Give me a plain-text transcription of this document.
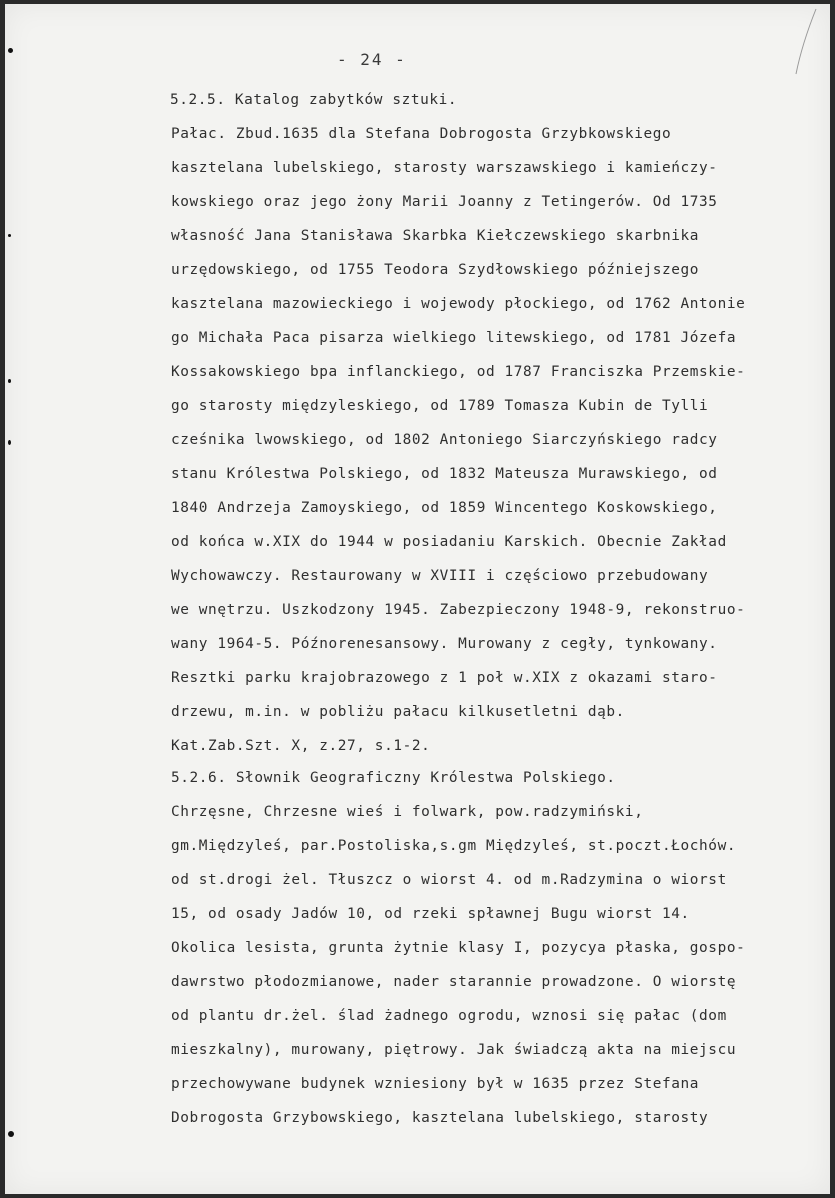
- 24 -
5.2.5. Katalog zabytków sztuki.
Pałac. Zbud.1635 dla Stefana Dobrogosta Grzybkowskiego
kasztelana lubelskiego, starosty warszawskiego i kamieńczy-
kowskiego oraz jego żony Marii Joanny z Tetingerów. Od 1735
własność Jana Stanisława Skarbka Kiełczewskiego skarbnika
urzędowskiego, od 1755 Teodora Szydłowskiego późniejszego
kasztelana mazowieckiego i wojewody płockiego, od 1762 Antonie
go Michała Paca pisarza wielkiego litewskiego, od 1781 Józefa
Kossakowskiego bpa inflanckiego, od 1787 Franciszka Przemskie-
go starosty międzyleskiego, od 1789 Tomasza Kubin de Tylli
cześnika lwowskiego, od 1802 Antoniego Siarczyńskiego radcy
stanu Królestwa Polskiego, od 1832 Mateusza Murawskiego, od
1840 Andrzeja Zamoyskiego, od 1859 Wincentego Koskowskiego,
od końca w.XIX do 1944 w posiadaniu Karskich. Obecnie Zakład
Wychowawczy. Restaurowany w XVIII i częściowo przebudowany
we wnętrzu. Uszkodzony 1945. Zabezpieczony 1948-9, rekonstruo-
wany 1964-5. Późnorenesansowy. Murowany z cegły, tynkowany.
Resztki parku krajobrazowego z 1 poł w.XIX z okazami staro-
drzewu, m.in. w pobliżu pałacu kilkusetletni dąb.
Kat.Zab.Szt. X, z.27, s.1-2.
5.2.6. Słownik Geograficzny Królestwa Polskiego.
Chrzęsne, Chrzesne wieś i folwark, pow.radzymiński,
gm.Międzyleś, par.Postoliska,s.gm Międzyleś, st.poczt.Łochów.
od st.drogi żel. Tłuszcz o wiorst 4. od m.Radzymina o wiorst
15, od osady Jadów 10, od rzeki spławnej Bugu wiorst 14.
Okolica lesista, grunta żytnie klasy I, pozycya płaska, gospo-
dawrstwo płodozmianowe, nader starannie prowadzone. O wiorstę
od plantu dr.żel. ślad żadnego ogrodu, wznosi się pałac (dom
mieszkalny), murowany, piętrowy. Jak świadczą akta na miejscu
przechowywane budynek wzniesiony był w 1635 przez Stefana
Dobrogosta Grzybowskiego, kasztelana lubelskiego, starosty
